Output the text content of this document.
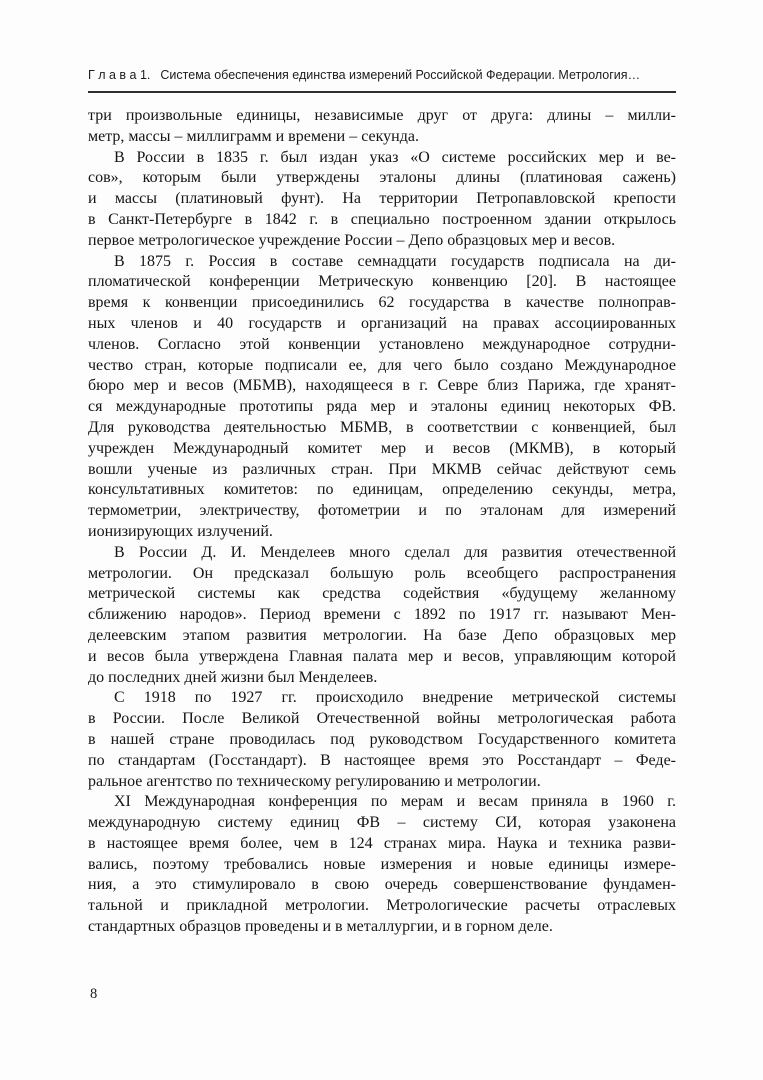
Г л а в а 1. Система обеспечения единства измерений Российской Федерации. Метрология…
три произвольные единицы, независимые друг от друга: длины – милли-
метр, массы – миллиграмм и времени – секунда.
В России в 1835 г. был издан указ «О системе российских мер и ве-
сов», которым были утверждены эталоны длины (платиновая сажень)
и массы (платиновый фунт). На территории Петропавловской крепости
в Санкт-Петербурге в 1842 г. в специально построенном здании открылось
первое метрологическое учреждение России – Депо образцовых мер и весов.
В 1875 г. Россия в составе семнадцати государств подписала на ди-
пломатической конференции Метрическую конвенцию [20]. В настоящее
время к конвенции присоединились 62 государства в качестве полноправ-
ных членов и 40 государств и организаций на правах ассоциированных
членов. Согласно этой конвенции установлено международное сотрудни-
чество стран, которые подписали ее, для чего было создано Международное
бюро мер и весов (МБМВ), находящееся в г. Севре близ Парижа, где хранят-
ся международные прототипы ряда мер и эталоны единиц некоторых ФВ.
Для руководства деятельностью МБМВ, в соответствии с конвенцией, был
учрежден Международный комитет мер и весов (МКМВ), в который
вошли ученые из различных стран. При МКМВ сейчас действуют семь
консультативных комитетов: по единицам, определению секунды, метра,
термометрии, электричеству, фотометрии и по эталонам для измерений
ионизирующих излучений.
В России Д. И. Менделеев много сделал для развития отечественной
метрологии. Он предсказал большую роль всеобщего распространения
метрической системы как средства содействия «будущему желанному
сближению народов». Период времени с 1892 по 1917 гг. называют Мен-
делеевским этапом развития метрологии. На базе Депо образцовых мер
и весов была утверждена Главная палата мер и весов, управляющим которой
до последних дней жизни был Менделеев.
С 1918 по 1927 гг. происходило внедрение метрической системы
в России. После Великой Отечественной войны метрологическая работа
в нашей стране проводилась под руководством Государственного комитета
по стандартам (Госстандарт). В настоящее время это Росстандарт – Феде-
ральное агентство по техническому регулированию и метрологии.
XI Международная конференция по мерам и весам приняла в 1960 г.
международную систему единиц ФВ – систему СИ, которая узаконена
в настоящее время более, чем в 124 странах мира. Наука и техника разви-
вались, поэтому требовались новые измерения и новые единицы измере-
ния, а это стимулировало в свою очередь совершенствование фундамен-
тальной и прикладной метрологии. Метрологические расчеты отраслевых
стандартных образцов проведены и в металлургии, и в горном деле.
8
